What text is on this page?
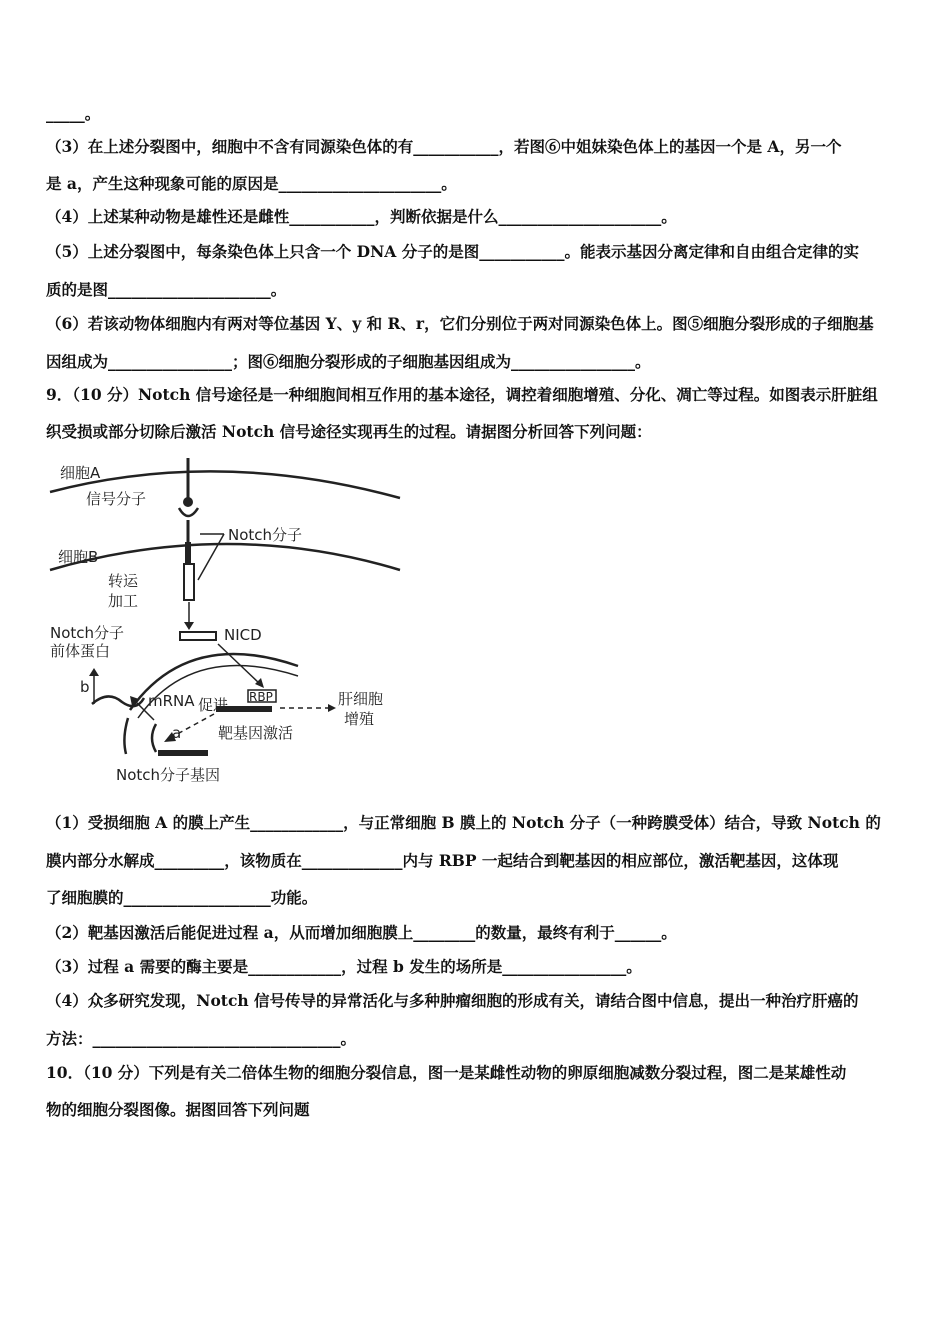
_____。
（3）在上述分裂图中，细胞中不含有同源染色体的有___________，若图⑥中姐妹染色体上的基因一个是 A，另一个
是 a，产生这种现象可能的原因是_____________________。
（4）上述某种动物是雄性还是雌性___________，判断依据是什么_____________________。
（5）上述分裂图中，每条染色体上只含一个 DNA 分子的是图___________。能表示基因分离定律和自由组合定律的实
质的是图_____________________。
（6）若该动物体细胞内有两对等位基因 Y、y 和 R、r，它们分别位于两对同源染色体上。图⑤细胞分裂形成的子细胞基
因组成为________________；图⑥细胞分裂形成的子细胞基因组成为________________。
9．（10 分）Notch 信号途径是一种细胞间相互作用的基本途径，调控着细胞增殖、分化、凋亡等过程。如图表示肝脏组
织受损或部分切除后激活 Notch 信号途径实现再生的过程。请据图分析回答下列问题：
细胞A
信号分子
Notch分子
细胞B
转运
加工
NICD
Notch分子
前体蛋白
b
mRNA 促进 RBP	肝细胞
增殖
a 靶基因激活
Notch分子基因
（1）受损细胞 A 的膜上产生____________，与正常细胞 B 膜上的 Notch 分子（一种跨膜受体）结合，导致 Notch 的
膜内部分水解成_________，该物质在_____________内与 RBP 一起结合到靶基因的相应部位，激活靶基因，这体现
了细胞膜的___________________功能。
（2）靶基因激活后能促进过程 a，从而增加细胞膜上________的数量，最终有利于______。
（3）过程 a 需要的酶主要是____________，过程 b 发生的场所是________________。
（4）众多研究发现，Notch 信号传导的异常活化与多种肿瘤细胞的形成有关，请结合图中信息，提出一种治疗肝癌的
方法：________________________________。
10．（10 分）下列是有关二倍体生物的细胞分裂信息，图一是某雌性动物的卵原细胞减数分裂过程，图二是某雄性动
物的细胞分裂图像。据图回答下列问题
